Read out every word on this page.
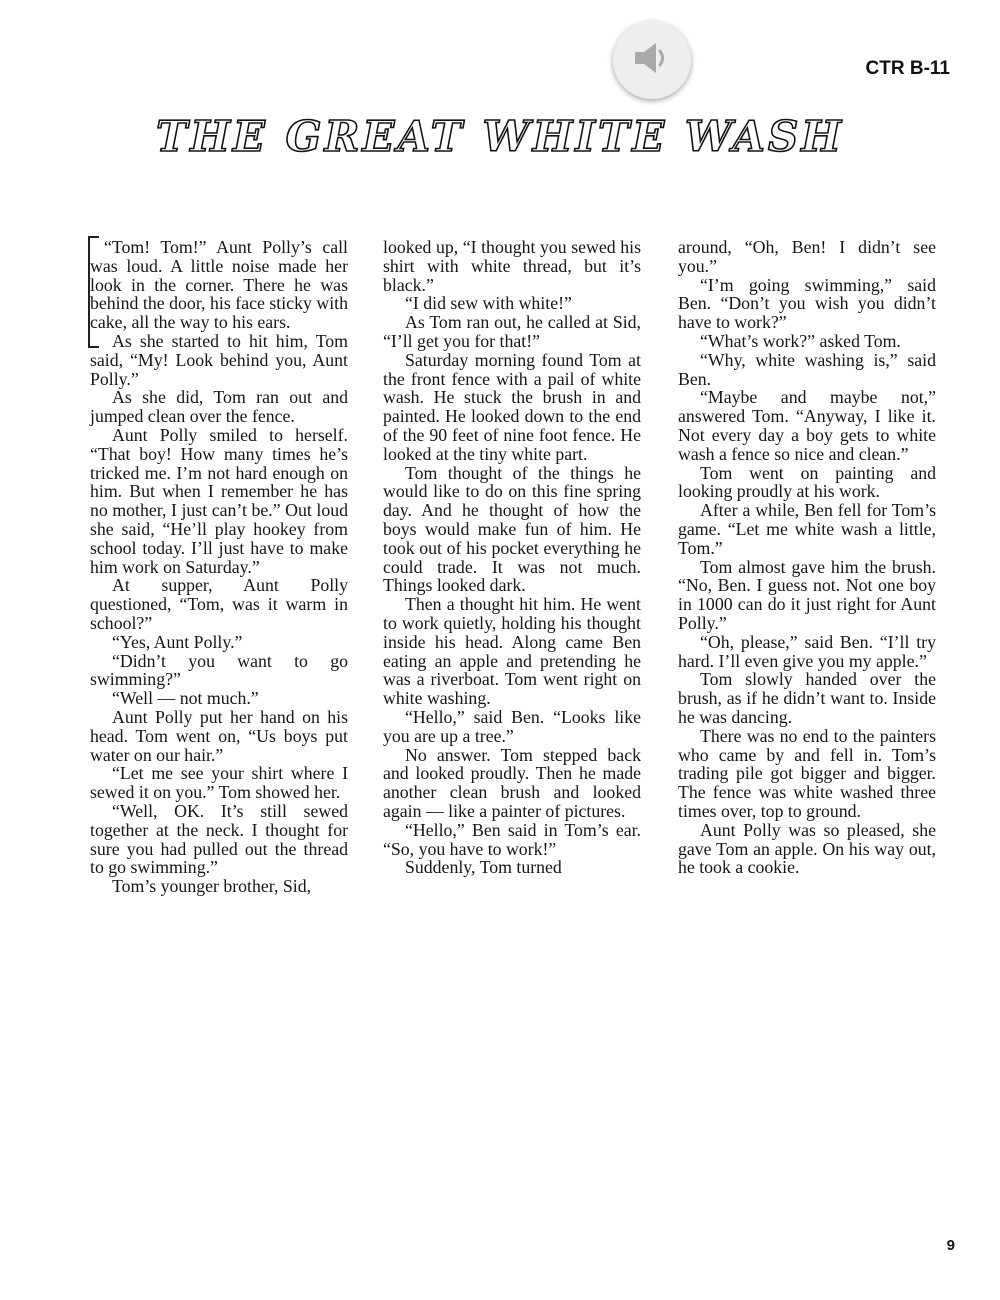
CTR B-11
THE GREAT WHITE WASH

“Tom! Tom!” Aunt Polly’s call was loud. A little noise made her look in the corner. There he was behind the door, his face sticky with cake, all the way to his ears.

As she started to hit him, Tom said, “My! Look behind you, Aunt Polly.”

As she did, Tom ran out and jumped clean over the fence.

Aunt Polly smiled to herself. “That boy! How many times he’s tricked me. I’m not hard enough on him. But when I remember he has no mother, I just can’t be.” Out loud she said, “He’ll play hookey from school today. I’ll just have to make him work on Saturday.”

At supper, Aunt Polly questioned, “Tom, was it warm in school?”

“Yes, Aunt Polly.”

“Didn’t you want to go swimming?”

“Well — not much.”

Aunt Polly put her hand on his head. Tom went on, “Us boys put water on our hair.”

“Let me see your shirt where I sewed it on you.” Tom showed her.

“Well, OK. It’s still sewed together at the neck. I thought for sure you had pulled out the thread to go swimming.”

Tom’s younger brother, Sid,

looked up, “I thought you sewed his shirt with white thread, but it’s black.”

“I did sew with white!”

As Tom ran out, he called at Sid, “I’ll get you for that!”

Saturday morning found Tom at the front fence with a pail of white wash. He stuck the brush in and painted. He looked down to the end of the 90 feet of nine foot fence. He looked at the tiny white part.

Tom thought of the things he would like to do on this fine spring day. And he thought of how the boys would make fun of him. He took out of his pocket everything he could trade. It was not much. Things looked dark.

Then a thought hit him. He went to work quietly, holding his thought inside his head. Along came Ben eating an apple and pretending he was a riverboat. Tom went right on white washing.

“Hello,” said Ben. “Looks like you are up a tree.”

No answer. Tom stepped back and looked proudly. Then he made another clean brush and looked again — like a painter of pictures.

“Hello,” Ben said in Tom’s ear. “So, you have to work!”

Suddenly, Tom turned

around, “Oh, Ben! I didn’t see you.”

“I’m going swimming,” said Ben. “Don’t you wish you didn’t have to work?”

“What’s work?” asked Tom.

“Why, white washing is,” said Ben.

“Maybe and maybe not,” answered Tom. “Anyway, I like it. Not every day a boy gets to white wash a fence so nice and clean.”

Tom went on painting and looking proudly at his work.

After a while, Ben fell for Tom’s game. “Let me white wash a little, Tom.”

Tom almost gave him the brush. “No, Ben. I guess not. Not one boy in 1000 can do it just right for Aunt Polly.”

“Oh, please,” said Ben. “I’ll try hard. I’ll even give you my apple.”

Tom slowly handed over the brush, as if he didn’t want to. Inside he was dancing.

There was no end to the painters who came by and fell in. Tom’s trading pile got bigger and bigger. The fence was white washed three times over, top to ground.

Aunt Polly was so pleased, she gave Tom an apple. On his way out, he took a cookie.

9
